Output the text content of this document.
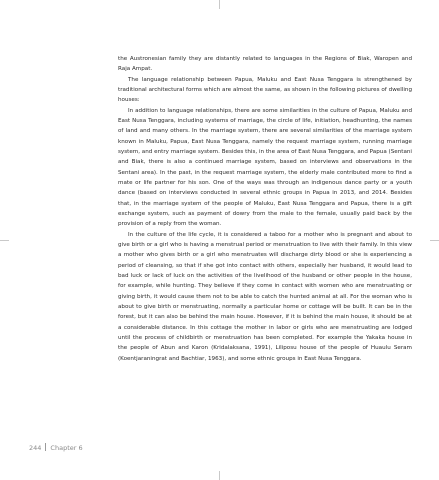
the Austronesian family they are distantly related to languages in the Regions of Biak, Waropen and Raja Ampat.

The language relationship between Papua, Maluku and East Nusa Tenggara is strengthened by traditional architectural forms which are almost the same, as shown in the following pictures of dwelling houses:

In addition to language relationships, there are some similarities in the culture of Papua, Maluku and East Nusa Tenggara, including systems of marriage, the circle of life, initiation, headhunting, the names of land and many others. In the marriage system, there are several similarities of the marriage system known in Maluku, Papua, East Nusa Tenggara, namely the request marriage system, running marriage system, and entry marriage system. Besides this, in the area of East Nusa Tenggara, and Papua (Sentani and Biak, there is also a continued marriage system, based on interviews and observations in the Sentani area). In the past, in the request marriage system, the elderly male contributed more to find a mate or life partner for his son. One of the ways was through an indigenous dance party or a youth dance (based on interviews conducted in several ethnic groups in Papua in 2013, and 2014. Besides that, in the marriage system of the people of Maluku, East Nusa Tenggara and Papua, there is a gift exchange system, such as payment of dowry from the male to the female, usually paid back by the provision of a reply from the woman.

In the culture of the life cycle, it is considered a taboo for a mother who is pregnant and about to give birth or a girl who is having a menstrual period or menstruation to live with their family. In this view a mother who gives birth or a girl who menstruates will discharge dirty blood or she is experiencing a period of cleansing, so that if she got into contact with others, especially her husband, it would lead to bad luck or lack of luck on the activities of the livelihood of the husband or other people in the house, for example, while hunting. They believe if they come in contact with women who are menstruating or giving birth, it would cause them not to be able to catch the hunted animal at all. For the woman who is about to give birth or menstruating, normally a particular home or cottage will be built. It can be in the forest, but it can also be behind the main house. However, if it is behind the main house, it should be at a considerable distance. In this cottage the mother in labor or girls who are menstruating are lodged until the process of childbirth or menstruation has been completed. For example the Yakaka house in the people of Abun and Karon (Kridalaksana, 1991), Liliposu house of the people of Huaulu Seram (Koentjaraningrat and Bachtiar, 1963), and some ethnic groups in East Nusa Tenggara.

244 Chapter 6
